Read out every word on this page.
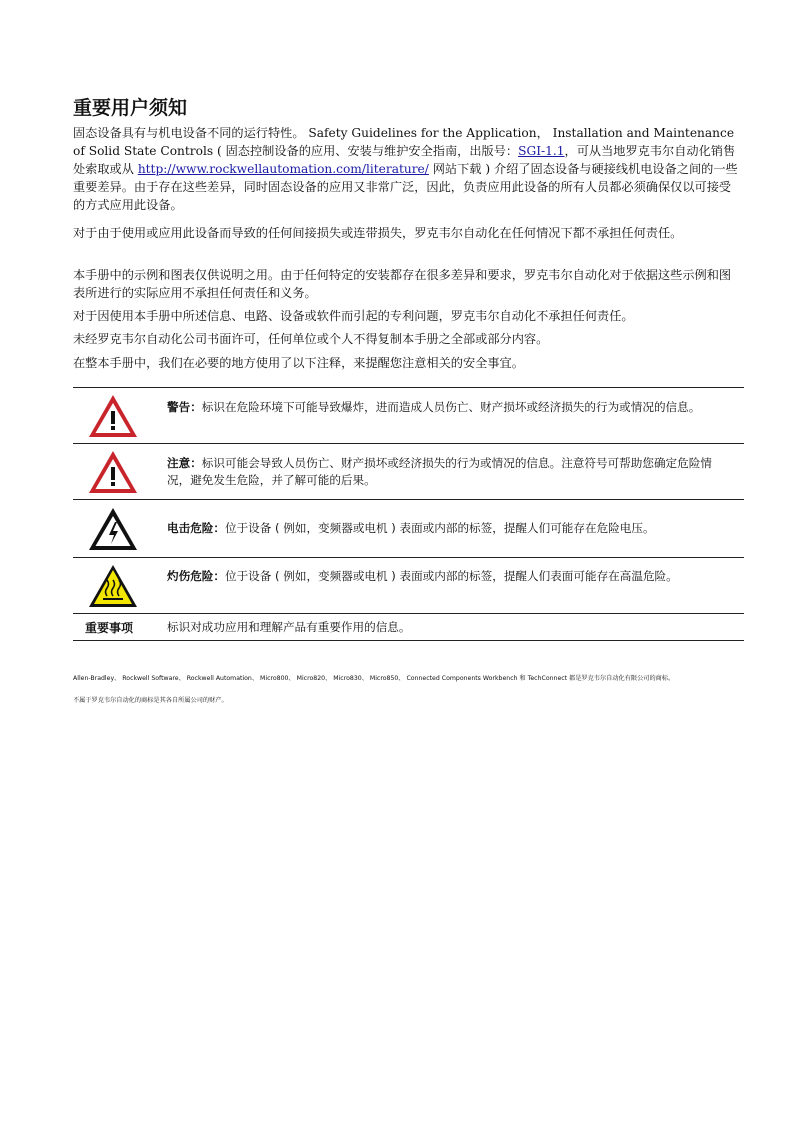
重要用户须知

固态设备具有与机电设备不同的运行特性。 Safety Guidelines for the Application， Installation and Maintenance of Solid State Controls ( 固态控制设备的应用、安装与维护安全指南，出版号：SGI-1.1，可从当地罗克韦尔自动化销售处索取或从 http://www.rockwellautomation.com/literature/ 网站下载 ) 介绍了固态设备与硬接线机电设备之间的一些重要差异。由于存在这些差异，同时固态设备的应用又非常广泛，因此，负责应用此设备的所有人员都必须确保仅以可接受的方式应用此设备。

对于由于使用或应用此设备而导致的任何间接损失或连带损失，罗克韦尔自动化在任何情况下都不承担任何责任。

本手册中的示例和图表仅供说明之用。由于任何特定的安装都存在很多差异和要求，罗克韦尔自动化对于依据这些示例和图表所进行的实际应用不承担任何责任和义务。

对于因使用本手册中所述信息、电路、设备或软件而引起的专利问题，罗克韦尔自动化不承担任何责任。

未经罗克韦尔自动化公司书面许可，任何单位或个人不得复制本手册之全部或部分内容。

在整本手册中，我们在必要的地方使用了以下注释，来提醒您注意相关的安全事宜。

警告：标识在危险环境下可能导致爆炸，进而造成人员伤亡、财产损坏或经济损失的行为或情况的信息。
注意：标识可能会导致人员伤亡、财产损坏或经济损失的行为或情况的信息。注意符号可帮助您确定危险情况，避免发生危险，并了解可能的后果。
电击危险：位于设备 ( 例如，变频器或电机 ) 表面或内部的标签，提醒人们可能存在危险电压。
灼伤危险：位于设备 ( 例如，变频器或电机 ) 表面或内部的标签，提醒人们表面可能存在高温危险。
重要事项	标识对成功应用和理解产品有重要作用的信息。
Allen-Bradley、 Rockwell Software、 Rockwell Automation、 Micro800、 Micro820、 Micro830、 Micro850、 Connected Components Workbench 和 TechConnect 都是罗克韦尔自动化有限公司的商标。
不属于罗克韦尔自动化的商标是其各自所属公司的财产。
